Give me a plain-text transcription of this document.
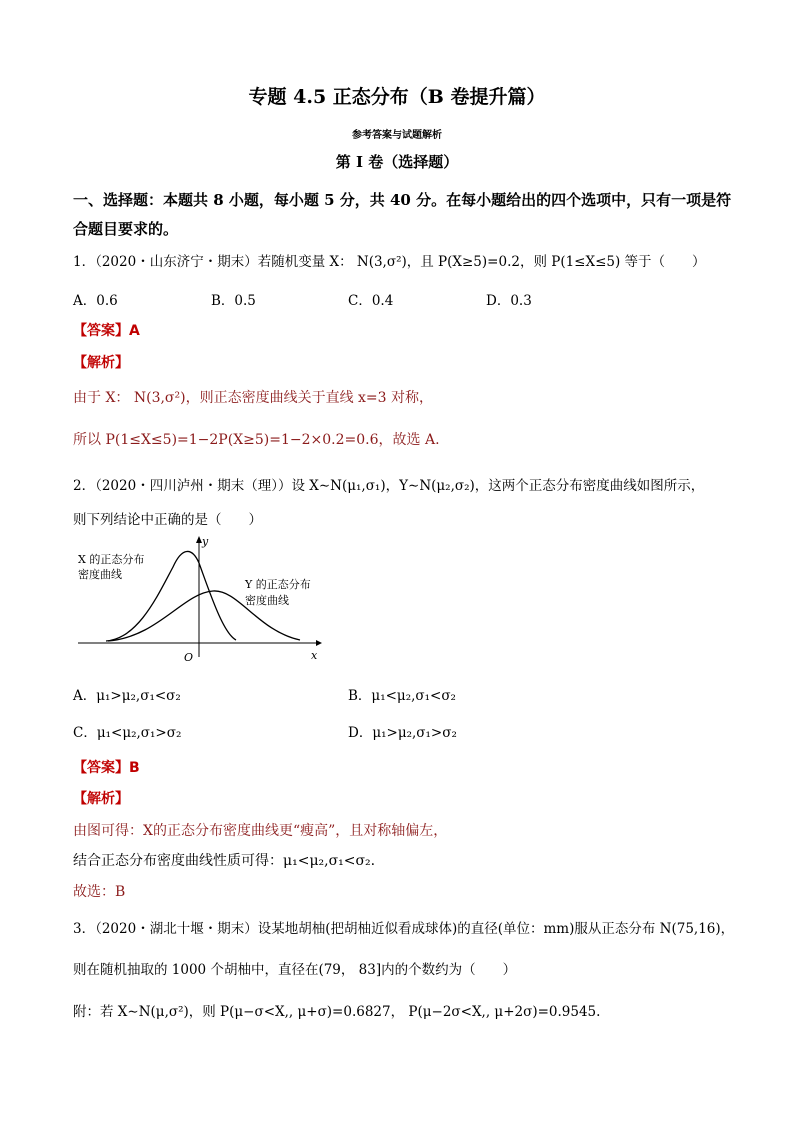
专题 4.5 正态分布（B 卷提升篇）
参考答案与试题解析
第 I 卷（选择题）
一、选择题：本题共 8 小题，每小题 5 分，共 40 分。在每小题给出的四个选项中，只有一项是符合题目要求的。
1．（2020・山东济宁・期末）若随机变量 X： N(3,σ²)，且 P(X≥5)=0.2，则 P(1≤X≤5) 等于（　　）
A．0.6	B．0.5	C．0.4	D．0.3
【答案】A
【解析】
由于 X： N(3,σ²)，则正态密度曲线关于直线 x=3 对称，
所以 P(1≤X≤5)=1−2P(X≥5)=1−2×0.2=0.6，故选 A.
2．（2020・四川泸州・期末（理））设 X∼N(μ₁,σ₁)，Y∼N(μ₂,σ₂)，这两个正态分布密度曲线如图所示，
则下列结论中正确的是（　　）
X 的正态分布
密度曲线
Y 的正态分布
密度曲线
y
x
O
A．μ₁>μ₂,σ₁<σ₂	B．μ₁<μ₂,σ₁<σ₂
C．μ₁<μ₂,σ₁>σ₂	D．μ₁>μ₂,σ₁>σ₂
【答案】B
【解析】
由图可得：X的正态分布密度曲线更“瘦高”，且对称轴偏左，
结合正态分布密度曲线性质可得：μ₁<μ₂,σ₁<σ₂.
故选：B
3．（2020・湖北十堰・期末）设某地胡柚(把胡柚近似看成球体)的直径(单位：mm)服从正态分布 N(75,16)，
则在随机抽取的 1000 个胡柚中，直径在(79， 83]内的个数约为（　　）
附：若 X∼N(μ,σ²)，则 P(μ−σ<X,, μ+σ)=0.6827， P(μ−2σ<X,, μ+2σ)=0.9545.
